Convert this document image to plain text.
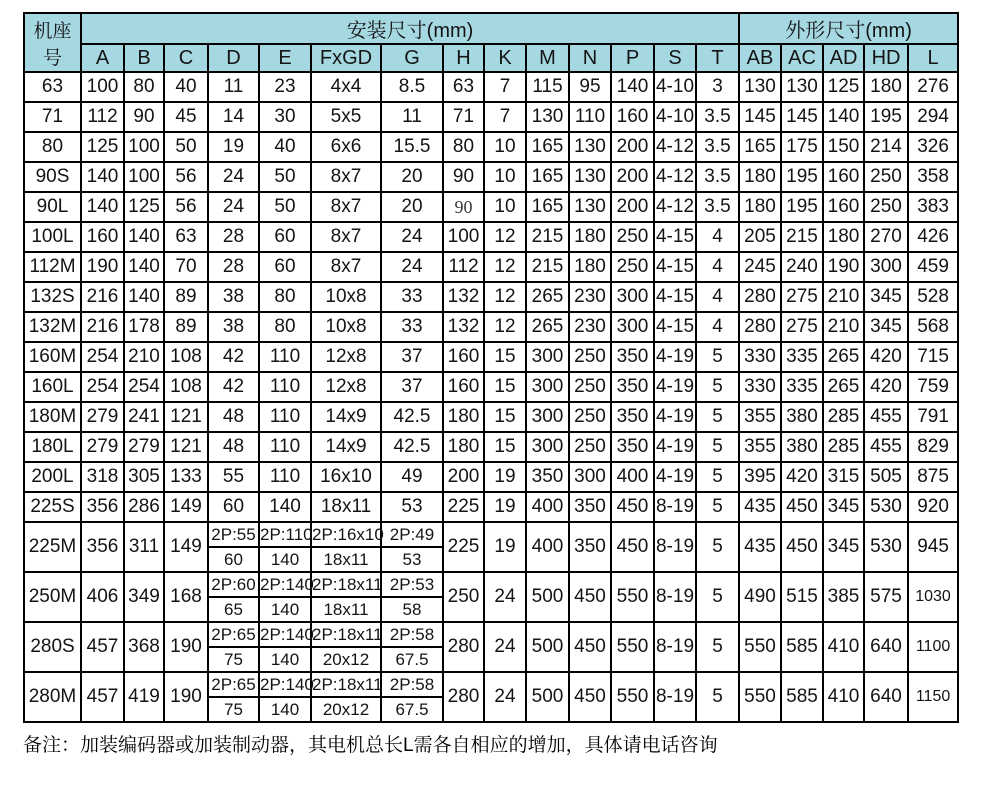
机座号	安装尺寸(mm)														外形尺寸(mm)				
	A	B	C	D	E	FxGD	G	H	K	M	N	P	S	T	AB	AC	AD	HD	L
63	100	80	40	11	23	4x4	8.5	63	7	115	95	140	4-10	3	130	130	125	180	276
71	112	90	45	14	30	5x5	11	71	7	130	110	160	4-10	3.5	145	145	140	195	294
80	125	100	50	19	40	6x6	15.5	80	10	165	130	200	4-12	3.5	165	175	150	214	326
90S	140	100	56	24	50	8x7	20	90	10	165	130	200	4-12	3.5	180	195	160	250	358
90L	140	125	56	24	50	8x7	20	90	10	165	130	200	4-12	3.5	180	195	160	250	383
100L	160	140	63	28	60	8x7	24	100	12	215	180	250	4-15	4	205	215	180	270	426
112M	190	140	70	28	60	8x7	24	112	12	215	180	250	4-15	4	245	240	190	300	459
132S	216	140	89	38	80	10x8	33	132	12	265	230	300	4-15	4	280	275	210	345	528
132M	216	178	89	38	80	10x8	33	132	12	265	230	300	4-15	4	280	275	210	345	568
160M	254	210	108	42	110	12x8	37	160	15	300	250	350	4-19	5	330	335	265	420	715
160L	254	254	108	42	110	12x8	37	160	15	300	250	350	4-19	5	330	335	265	420	759
180M	279	241	121	48	110	14x9	42.5	180	15	300	250	350	4-19	5	355	380	285	455	791
180L	279	279	121	48	110	14x9	42.5	180	15	300	250	350	4-19	5	355	380	285	455	829
200L	318	305	133	55	110	16x10	49	200	19	350	300	400	4-19	5	395	420	315	505	875
225S	356	286	149	60	140	18x11	53	225	19	400	350	450	8-19	5	435	450	345	530	920
225M	356	311	149	2P:55	2P:110	2P:16x10	2P:49	225	19	400	350	450	8-19	5	435	450	345	530	945
				60	140	18x11	53												
250M	406	349	168	2P:60	2P:140	2P:18x11	2P:53	250	24	500	450	550	8-19	5	490	515	385	575	1030
				65	140	18x11	58												
280S	457	368	190	2P:65	2P:140	2P:18x11	2P:58	280	24	500	450	550	8-19	5	550	585	410	640	1100
				75	140	20x12	67.5												
280M	457	419	190	2P:65	2P:140	2P:18x11	2P:58	280	24	500	450	550	8-19	5	550	585	410	640	1150
				75	140	20x12	67.5												
备注：加装编码器或加装制动器，其电机总长L需各自相应的增加，具体请电话咨询
